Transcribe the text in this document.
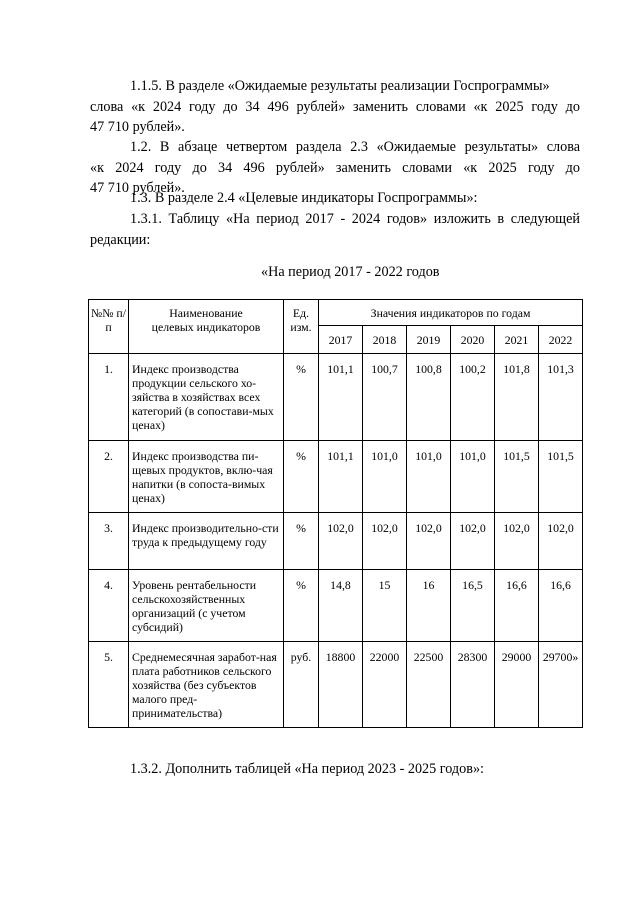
1.1.5. В разделе «Ожидаемые результаты реализации Госпрограммы»
слова «к 2024 году до 34 496 рублей» заменить словами «к 2025 году до
47 710 рублей».
1.2. В абзаце четвертом раздела 2.3 «Ожидаемые результаты» слова
«к 2024 году до 34 496 рублей» заменить словами «к 2025 году до
47 710 рублей».
1.3. В разделе 2.4 «Целевые индикаторы Госпрограммы»:
1.3.1. Таблицу «На период 2017 - 2024 годов» изложить в следующей
редакции:
«На период 2017 - 2022 годов
№№ п/п	Наименование целевых индикаторов	Ед. изм.	Значения индикаторов по годам					
			2017	2018	2019	2020	2021	2022
1.	Индекс производства продукции сельского хо-зяйства в хозяйствах всех категорий (в сопостави-мых ценах)	%	101,1	100,7	100,8	100,2	101,8	101,3
2.	Индекс производства пи-щевых продуктов, вклю-чая напитки (в сопоста-вимых ценах)	%	101,1	101,0	101,0	101,0	101,5	101,5
3.	Индекс производительно-сти труда к предыдущему году	%	102,0	102,0	102,0	102,0	102,0	102,0
4.	Уровень рентабельности сельскохозяйственных организаций (с учетом субсидий)	%	14,8	15	16	16,5	16,6	16,6
5.	Среднемесячная заработ-ная плата работников сельского хозяйства (без субъектов малого пред-принимательства)	руб.	18800	22000	22500	28300	29000	29700»
1.3.2. Дополнить таблицей «На период 2023 - 2025 годов»:
